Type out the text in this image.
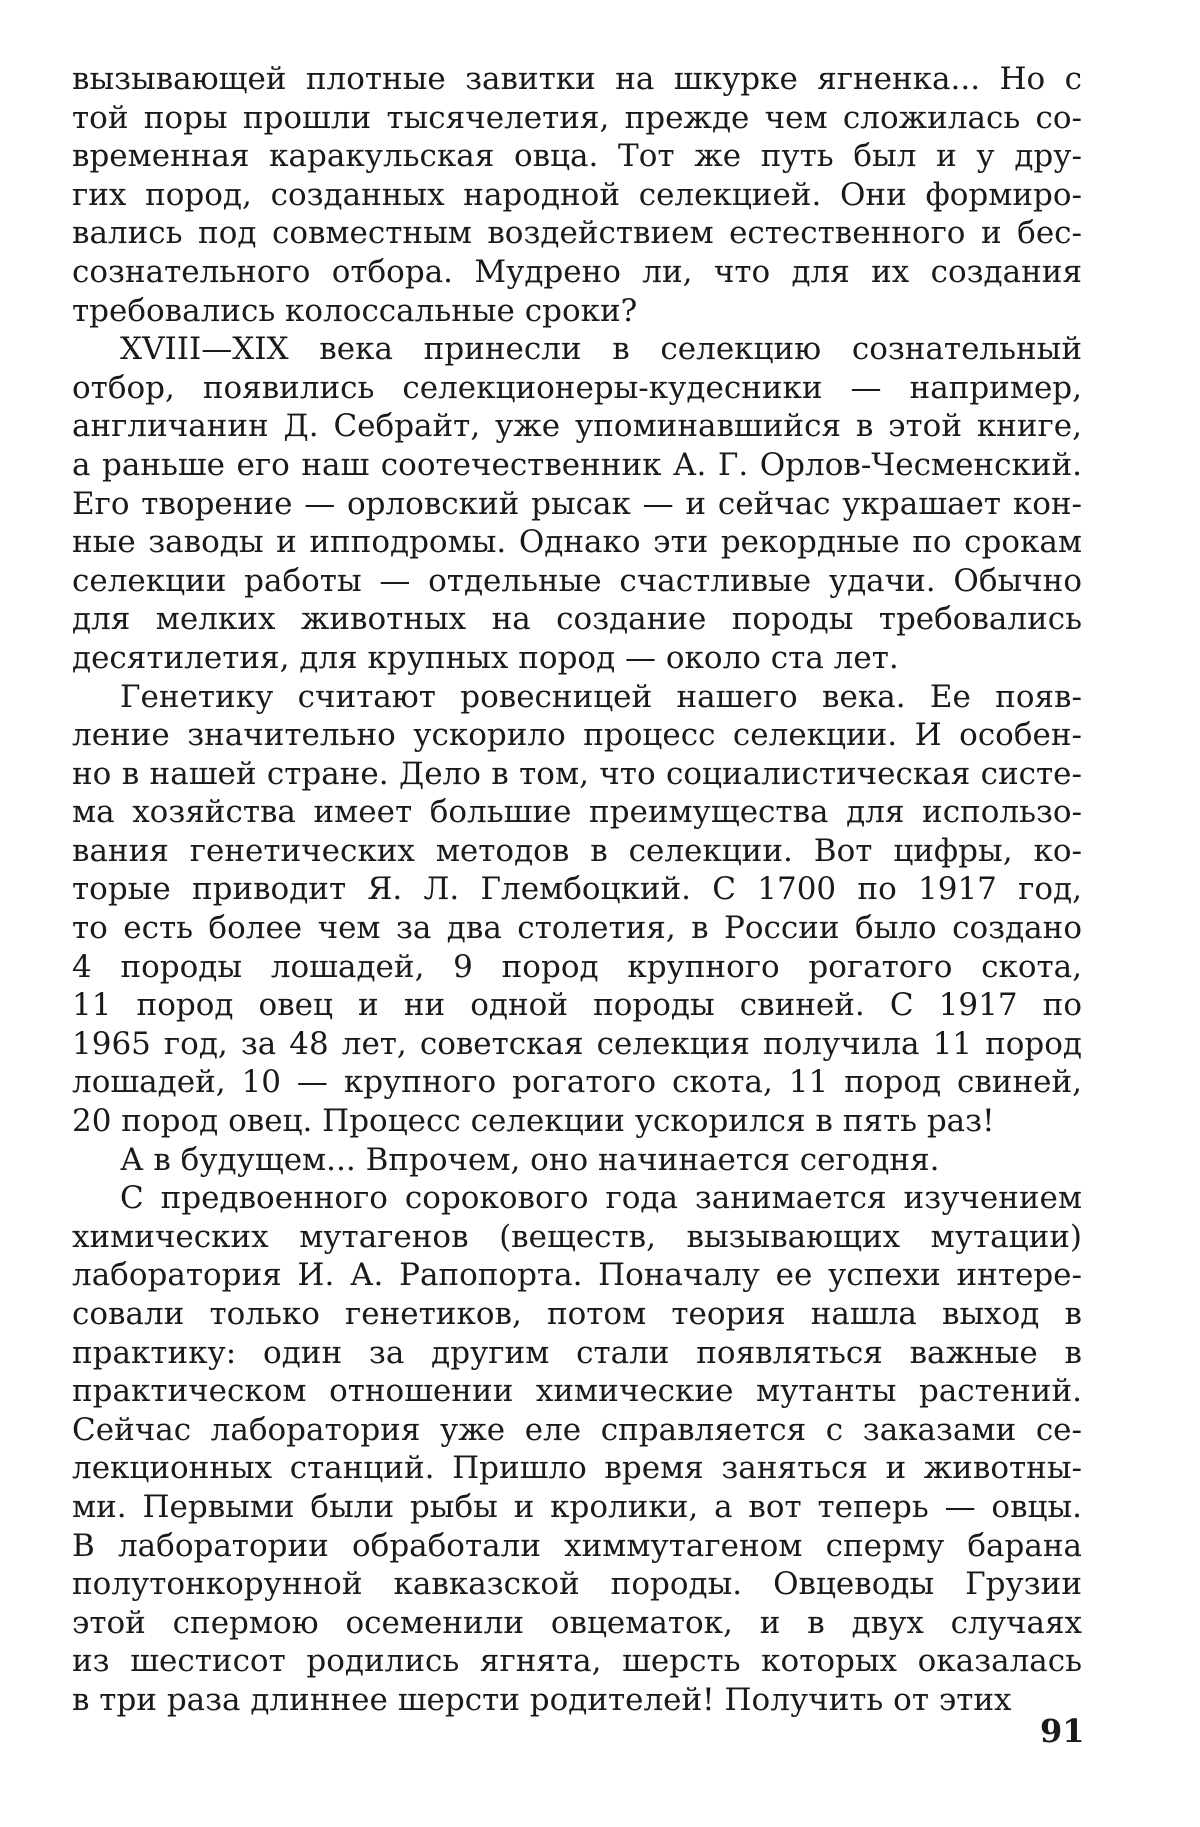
вызывающей плотные завитки на шкурке ягненка... Но с
той поры прошли тысячелетия, прежде чем сложилась со-
временная каракульская овца. Тот же путь был и у дру-
гих пород, созданных народной селекцией. Они формиро-
вались под совместным воздействием естественного и бес-
сознательного отбора. Мудрено ли, что для их создания
требовались колоссальные сроки?
XVIII—XIX века принесли в селекцию сознательный
отбор, появились селекционеры-кудесники — например,
англичанин Д. Себрайт, уже упоминавшийся в этой книге,
а раньше его наш соотечественник А. Г. Орлов-Чесменский.
Его творение — орловский рысак — и сейчас украшает кон-
ные заводы и ипподромы. Однако эти рекордные по срокам
селекции работы — отдельные счастливые удачи. Обычно
для мелких животных на создание породы требовались
десятилетия, для крупных пород — около ста лет.
Генетику считают ровесницей нашего века. Ее появ-
ление значительно ускорило процесс селекции. И особен-
но в нашей стране. Дело в том, что социалистическая систе-
ма хозяйства имеет большие преимущества для использо-
вания генетических методов в селекции. Вот цифры, ко-
торые приводит Я. Л. Глембоцкий. С 1700 по 1917 год,
то есть более чем за два столетия, в России было создано
4 породы лошадей, 9 пород крупного рогатого скота,
11 пород овец и ни одной породы свиней. С 1917 по
1965 год, за 48 лет, советская селекция получила 11 пород
лошадей, 10 — крупного рогатого скота, 11 пород свиней,
20 пород овец. Процесс селекции ускорился в пять раз!
А в будущем... Впрочем, оно начинается сегодня.
С предвоенного сорокового года занимается изучением
химических мутагенов (веществ, вызывающих мутации)
лаборатория И. А. Рапопорта. Поначалу ее успехи интере-
совали только генетиков, потом теория нашла выход в
практику: один за другим стали появляться важные в
практическом отношении химические мутанты растений.
Сейчас лаборатория уже еле справляется с заказами се-
лекционных станций. Пришло время заняться и животны-
ми. Первыми были рыбы и кролики, а вот теперь — овцы.
В лаборатории обработали химмутагеном сперму барана
полутонкорунной кавказской породы. Овцеводы Грузии
этой спермою осеменили овцематок, и в двух случаях
из шестисот родились ягнята, шерсть которых оказалась
в три раза длиннее шерсти родителей! Получить от этих
91
